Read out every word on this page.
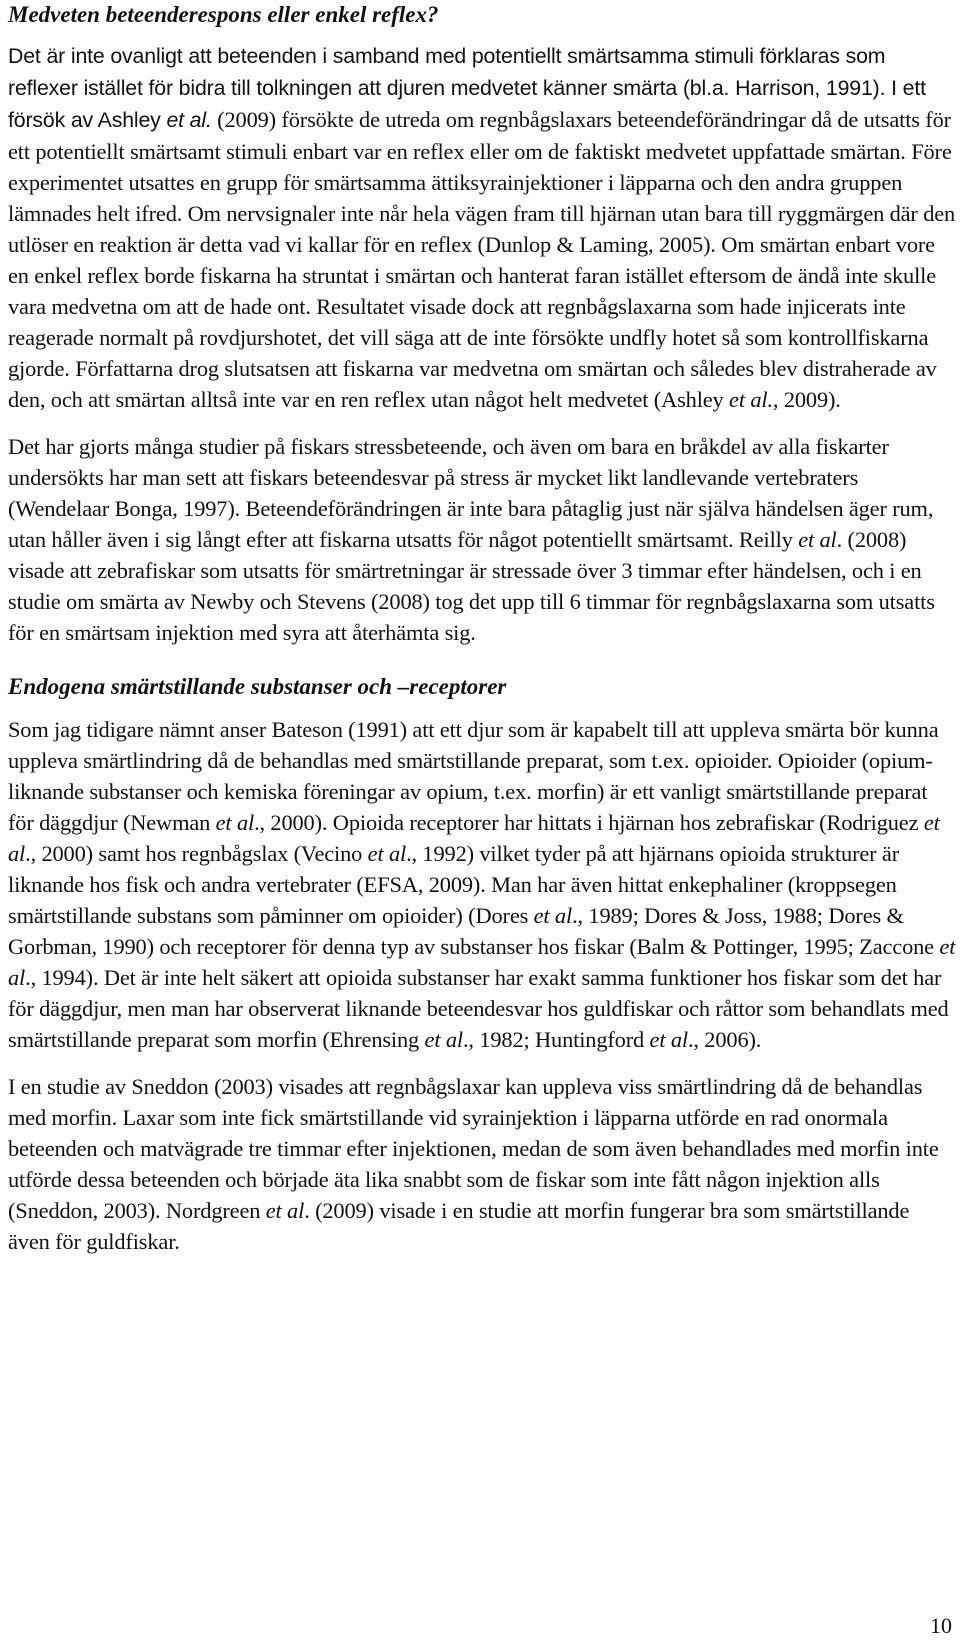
Medveten beteenderespons eller enkel reflex?

Det är inte ovanligt att beteenden i samband med potentiellt smärtsamma stimuli förklaras som reflexer istället för bidra till tolkningen att djuren medvetet känner smärta (bl.a. Harrison, 1991). I ett försök av Ashley et al. (2009) försökte de utreda om regnbågslaxars beteendeförändringar då de utsatts för ett potentiellt smärtsamt stimuli enbart var en reflex eller om de faktiskt medvetet uppfattade smärtan. Före experimentet utsattes en grupp för smärtsamma ättiksyrainjektioner i läpparna och den andra gruppen lämnades helt ifred. Om nervsignaler inte når hela vägen fram till hjärnan utan bara till ryggmärgen där den utlöser en reaktion är detta vad vi kallar för en reflex (Dunlop & Laming, 2005). Om smärtan enbart vore en enkel reflex borde fiskarna ha struntat i smärtan och hanterat faran istället eftersom de ändå inte skulle vara medvetna om att de hade ont. Resultatet visade dock att regnbågslaxarna som hade injicerats inte reagerade normalt på rovdjurshotet, det vill säga att de inte försökte undfly hotet så som kontrollfiskarna gjorde. Författarna drog slutsatsen att fiskarna var medvetna om smärtan och således blev distraherade av den, och att smärtan alltså inte var en ren reflex utan något helt medvetet (Ashley et al., 2009).

Det har gjorts många studier på fiskars stressbeteende, och även om bara en bråkdel av alla fiskarter undersökts har man sett att fiskars beteendesvar på stress är mycket likt landlevande vertebraters (Wendelaar Bonga, 1997). Beteendeförändringen är inte bara påtaglig just när själva händelsen äger rum, utan håller även i sig långt efter att fiskarna utsatts för något potentiellt smärtsamt. Reilly et al. (2008) visade att zebrafiskar som utsatts för smärtretningar är stressade över 3 timmar efter händelsen, och i en studie om smärta av Newby och Stevens (2008) tog det upp till 6 timmar för regnbågslaxarna som utsatts för en smärtsam injektion med syra att återhämta sig.

Endogena smärtstillande substanser och –receptorer

Som jag tidigare nämnt anser Bateson (1991) att ett djur som är kapabelt till att uppleva smärta bör kunna uppleva smärtlindring då de behandlas med smärtstillande preparat, som t.ex. opioider. Opioider (opium-liknande substanser och kemiska föreningar av opium, t.ex. morfin) är ett vanligt smärtstillande preparat för däggdjur (Newman et al., 2000). Opioida receptorer har hittats i hjärnan hos zebrafiskar (Rodriguez et al., 2000) samt hos regnbågslax (Vecino et al., 1992) vilket tyder på att hjärnans opioida strukturer är liknande hos fisk och andra vertebrater (EFSA, 2009). Man har även hittat enkephaliner (kroppsegen smärtstillande substans som påminner om opioider) (Dores et al., 1989; Dores & Joss, 1988; Dores & Gorbman, 1990) och receptorer för denna typ av substanser hos fiskar (Balm & Pottinger, 1995; Zaccone et al., 1994). Det är inte helt säkert att opioida substanser har exakt samma funktioner hos fiskar som det har för däggdjur, men man har observerat liknande beteendesvar hos guldfiskar och råttor som behandlats med smärtstillande preparat som morfin (Ehrensing et al., 1982; Huntingford et al., 2006).

I en studie av Sneddon (2003) visades att regnbågslaxar kan uppleva viss smärtlindring då de behandlas med morfin. Laxar som inte fick smärtstillande vid syrainjektion i läpparna utförde en rad onormala beteenden och matvägrade tre timmar efter injektionen, medan de som även behandlades med morfin inte utförde dessa beteenden och började äta lika snabbt som de fiskar som inte fått någon injektion alls (Sneddon, 2003). Nordgreen et al. (2009) visade i en studie att morfin fungerar bra som smärtstillande även för guldfiskar.

10
